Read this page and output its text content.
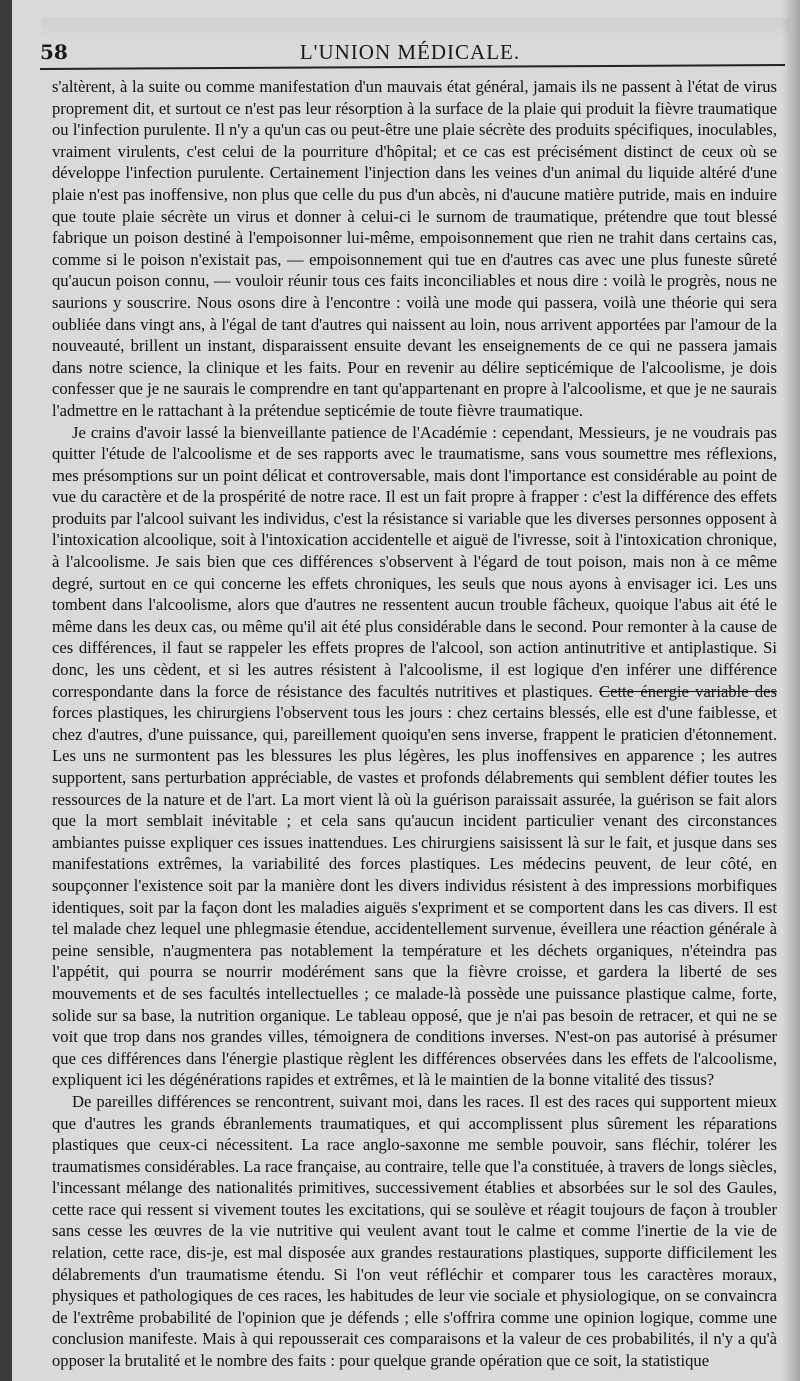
58	L'UNION MÉDICALE.

s'altèrent, à la suite ou comme manifestation d'un mauvais état général, jamais ils ne passent à l'état de virus proprement dit, et surtout ce n'est pas leur résorption à la surface de la plaie qui produit la fièvre traumatique ou l'infection purulente. Il n'y a qu'un cas ou peut-être une plaie sécrète des produits spécifiques, inoculables, vraiment virulents, c'est celui de la pourriture d'hôpital; et ce cas est précisément distinct de ceux où se développe l'infection purulente. Certainement l'injection dans les veines d'un animal du liquide altéré d'une plaie n'est pas inoffensive, non plus que celle du pus d'un abcès, ni d'aucune matière putride, mais en induire que toute plaie sécrète un virus et donner à celui-ci le surnom de traumatique, prétendre que tout blessé fabrique un poison destiné à l'empoisonner lui-même, empoisonnement que rien ne trahit dans certains cas, comme si le poison n'existait pas, — empoisonnement qui tue en d'autres cas avec une plus funeste sûreté qu'aucun poison connu, — vouloir réunir tous ces faits inconciliables et nous dire : voilà le progrès, nous ne saurions y souscrire. Nous osons dire à l'encontre : voilà une mode qui passera, voilà une théorie qui sera oubliée dans vingt ans, à l'égal de tant d'autres qui naissent au loin, nous arrivent apportées par l'amour de la nouveauté, brillent un instant, disparaissent ensuite devant les enseignements de ce qui ne passera jamais dans notre science, la clinique et les faits. Pour en revenir au délire septicémique de l'alcoolisme, je dois confesser que je ne saurais le comprendre en tant qu'appartenant en propre à l'alcoolisme, et que je ne saurais l'admettre en le rattachant à la prétendue septicémie de toute fièvre traumatique.

Je crains d'avoir lassé la bienveillante patience de l'Académie : cependant, Messieurs, je ne voudrais pas quitter l'étude de l'alcoolisme et de ses rapports avec le traumatisme, sans vous soumettre mes réflexions, mes présomptions sur un point délicat et controversable, mais dont l'importance est considérable au point de vue du caractère et de la prospérité de notre race. Il est un fait propre à frapper : c'est la différence des effets produits par l'alcool suivant les individus, c'est la résistance si variable que les diverses personnes opposent à l'intoxication alcoolique, soit à l'intoxication accidentelle et aiguë de l'ivresse, soit à l'intoxication chronique, à l'alcoolisme. Je sais bien que ces différences s'observent à l'égard de tout poison, mais non à ce même degré, surtout en ce qui concerne les effets chroniques, les seuls que nous ayons à envisager ici. Les uns tombent dans l'alcoolisme, alors que d'autres ne ressentent aucun trouble fâcheux, quoique l'abus ait été le même dans les deux cas, ou même qu'il ait été plus considérable dans le second. Pour remonter à la cause de ces différences, il faut se rappeler les effets propres de l'alcool, son action antinutritive et antiplastique. Si donc, les uns cèdent, et si les autres résistent à l'alcoolisme, il est logique d'en inférer une différence correspondante dans la force de résistance des facultés nutritives et plastiques. Cette énergie variable des forces plastiques, les chirurgiens l'observent tous les jours : chez certains blessés, elle est d'une faiblesse, et chez d'autres, d'une puissance, qui, pareillement quoiqu'en sens inverse, frappent le praticien d'étonnement. Les uns ne surmontent pas les blessures les plus légères, les plus inoffensives en apparence ; les autres supportent, sans perturbation appréciable, de vastes et profonds délabrements qui semblent défier toutes les ressources de la nature et de l'art. La mort vient là où la guérison paraissait assurée, la guérison se fait alors que la mort semblait inévitable ; et cela sans qu'aucun incident particulier venant des circonstances ambiantes puisse expliquer ces issues inattendues. Les chirurgiens saisissent là sur le fait, et jusque dans ses manifestations extrêmes, la variabilité des forces plastiques. Les médecins peuvent, de leur côté, en soupçonner l'existence soit par la manière dont les divers individus résistent à des impressions morbifiques identiques, soit par la façon dont les maladies aiguës s'expriment et se comportent dans les cas divers. Il est tel malade chez lequel une phlegmasie étendue, accidentellement survenue, éveillera une réaction générale à peine sensible, n'augmentera pas notablement la température et les déchets organiques, n'éteindra pas l'appétit, qui pourra se nourrir modérément sans que la fièvre croisse, et gardera la liberté de ses mouvements et de ses facultés intellectuelles ; ce malade-là possède une puissance plastique calme, forte, solide sur sa base, la nutrition organique. Le tableau opposé, que je n'ai pas besoin de retracer, et qui ne se voit que trop dans nos grandes villes, témoignera de conditions inverses. N'est-on pas autorisé à présumer que ces différences dans l'énergie plastique règlent les différences observées dans les effets de l'alcoolisme, expliquent ici les dégénérations rapides et extrêmes, et là le maintien de la bonne vitalité des tissus?

De pareilles différences se rencontrent, suivant moi, dans les races. Il est des races qui supportent mieux que d'autres les grands ébranlements traumatiques, et qui accomplissent plus sûrement les réparations plastiques que ceux-ci nécessitent. La race anglo-saxonne me semble pouvoir, sans fléchir, tolérer les traumatismes considérables. La race française, au contraire, telle que l'a constituée, à travers de longs siècles, l'incessant mélange des nationalités primitives, successivement établies et absorbées sur le sol des Gaules, cette race qui ressent si vivement toutes les excitations, qui se soulève et réagit toujours de façon à troubler sans cesse les œuvres de la vie nutritive qui veulent avant tout le calme et comme l'inertie de la vie de relation, cette race, dis-je, est mal disposée aux grandes restaurations plastiques, supporte difficilement les délabrements d'un traumatisme étendu. Si l'on veut réfléchir et comparer tous les caractères moraux, physiques et pathologiques de ces races, les habitudes de leur vie sociale et physiologique, on se convaincra de l'extrême probabilité de l'opinion que je défends ; elle s'offrira comme une opinion logique, comme une conclusion manifeste. Mais à qui repousserait ces comparaisons et la valeur de ces probabilités, il n'y a qu'à opposer la brutalité et le nombre des faits : pour quelque grande opération que ce soit, la statistique
